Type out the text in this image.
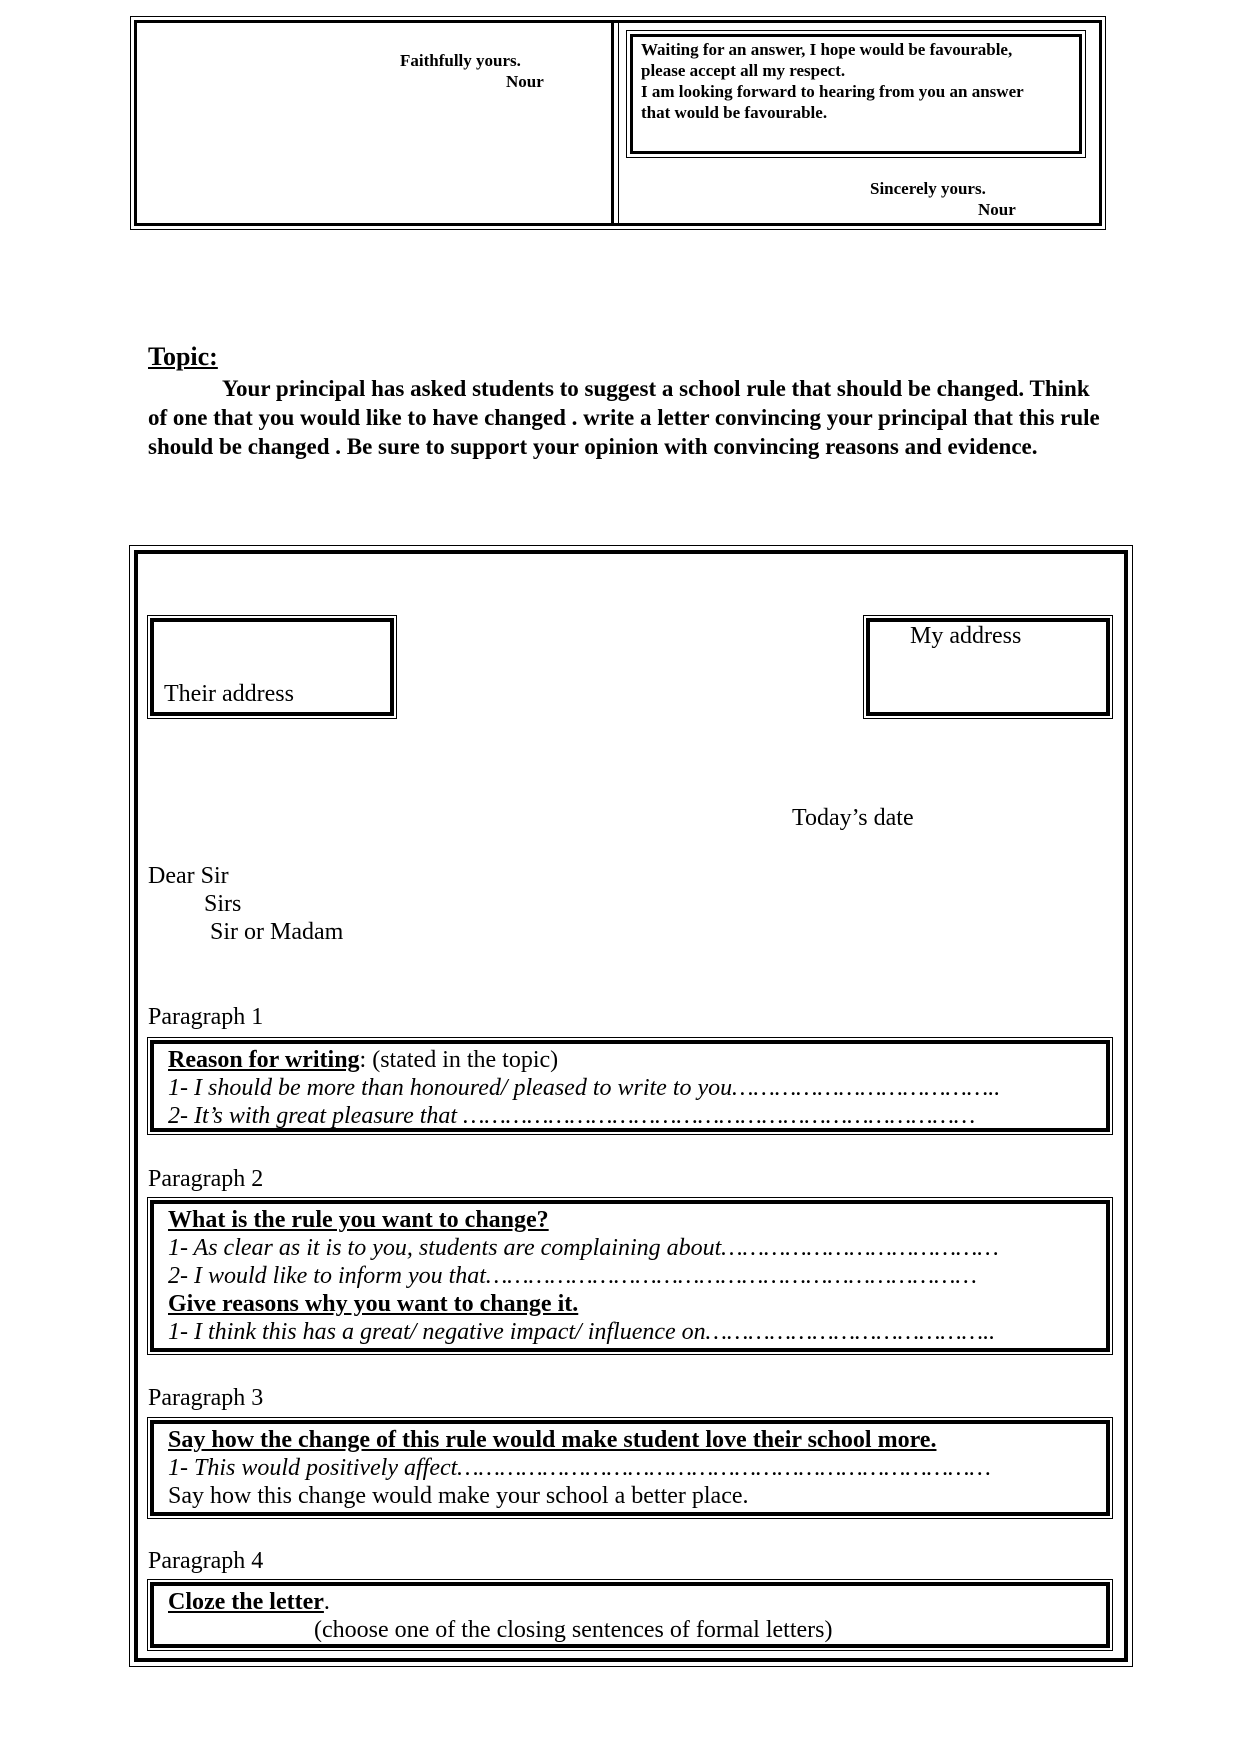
Faithfully yours.
Nour
Waiting for an answer, I hope would be favourable,
please accept all my respect.
I am looking forward to hearing from you an answer
that would be favourable.
Sincerely yours.
Nour
Topic:
Your principal has asked students to suggest a school rule that should be changed. Think of one that you would like to have changed . write a letter convincing your principal that this rule should be changed . Be sure to support your opinion with convincing reasons and evidence.
Their address
My address
Today’s date
Dear Sir
Sirs
Sir or Madam
Paragraph 1
Reason for writing: (stated in the topic)
1- I should be more than honoured/ pleased to write to you………………………………..
2- It’s with great pleasure that ………………………………………………………………
Paragraph 2
What is the rule you want to change?
1- As clear as it is to you, students are complaining about…………………………………
2- I would like to inform you that……………………………………………………………
Give reasons why you want to change it.
1- I think this has a great/ negative impact/ influence on…………………………………..
Paragraph 3
Say how the change of this rule would make student love their school more.
1- This would positively affect…………………………………………………………………
Say how this change would make your school a better place.
Paragraph 4
Cloze the letter.
(choose one of the closing sentences of formal letters)
